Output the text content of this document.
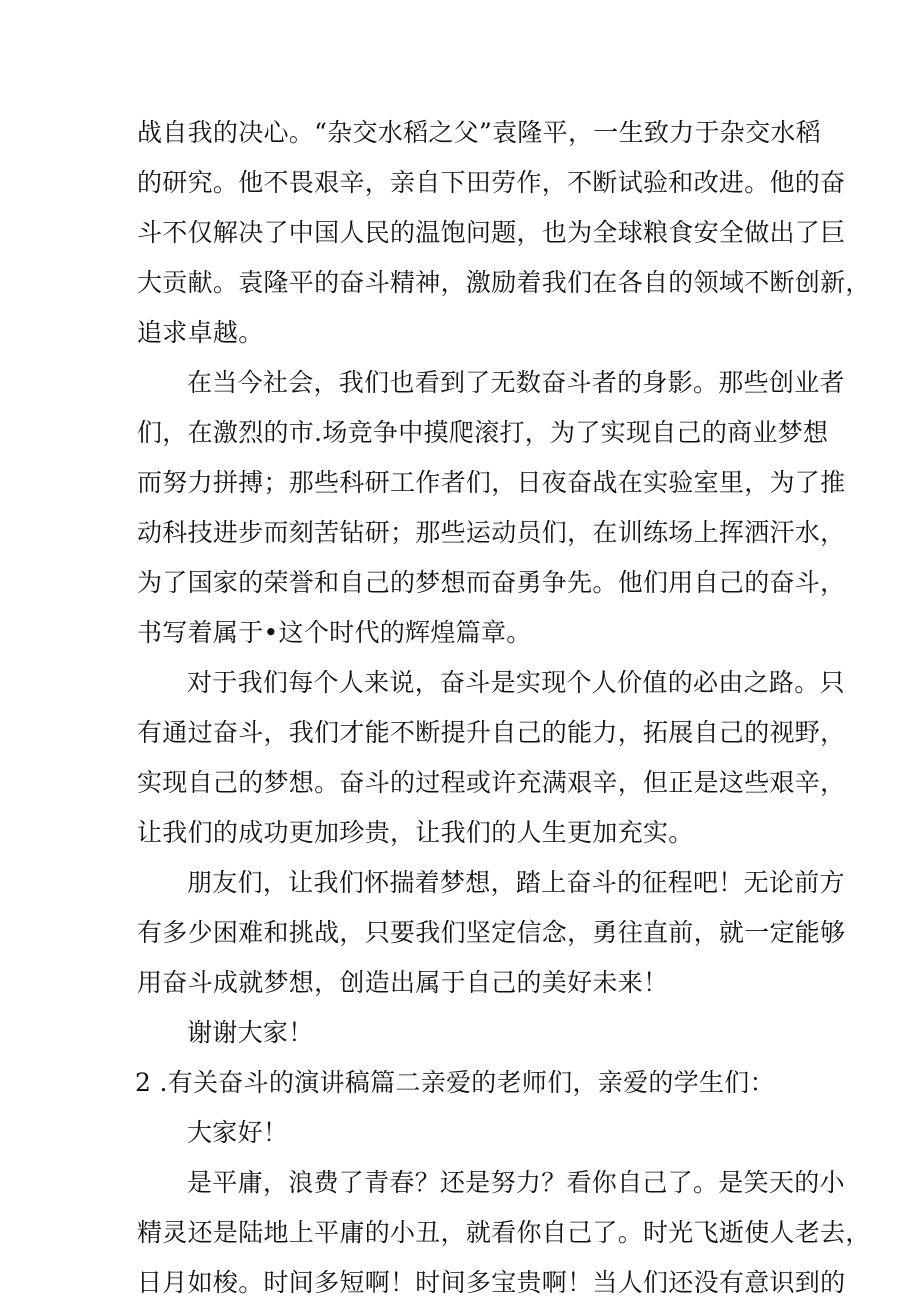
战自我的决心。“杂交水稻之父”袁隆平，一生致力于杂交水稻
的研究。他不畏艰辛，亲自下田劳作，不断试验和改进。他的奋
斗不仅解决了中国人民的温饱问题，也为全球粮食安全做出了巨
大贡献。袁隆平的奋斗精神，激励着我们在各自的领域不断创新，
追求卓越。
在当今社会，我们也看到了无数奋斗者的身影。那些创业者
们，在激烈的市.场竞争中摸爬滚打，为了实现自己的商业梦想
而努力拼搏；那些科研工作者们，日夜奋战在实验室里，为了推
动科技进步而刻苦钻研；那些运动员们，在训练场上挥洒汗水，
为了国家的荣誉和自己的梦想而奋勇争先。他们用自己的奋斗，
书写着属于•这个时代的辉煌篇章。
对于我们每个人来说，奋斗是实现个人价值的必由之路。只
有通过奋斗，我们才能不断提升自己的能力，拓展自己的视野，
实现自己的梦想。奋斗的过程或许充满艰辛，但正是这些艰辛，
让我们的成功更加珍贵，让我们的人生更加充实。
朋友们，让我们怀揣着梦想，踏上奋斗的征程吧！无论前方
有多少困难和挑战，只要我们坚定信念，勇往直前，就一定能够
用奋斗成就梦想，创造出属于自己的美好未来！
谢谢大家！
2 .有关奋斗的演讲稿篇二亲爱的老师们，亲爱的学生们：
大家好！
是平庸，浪费了青春？还是努力？看你自己了。是笑天的小
精灵还是陆地上平庸的小丑，就看你自己了。时光飞逝使人老去，
日月如梭。时间多短啊！时间多宝贵啊！当人们还没有意识到的
